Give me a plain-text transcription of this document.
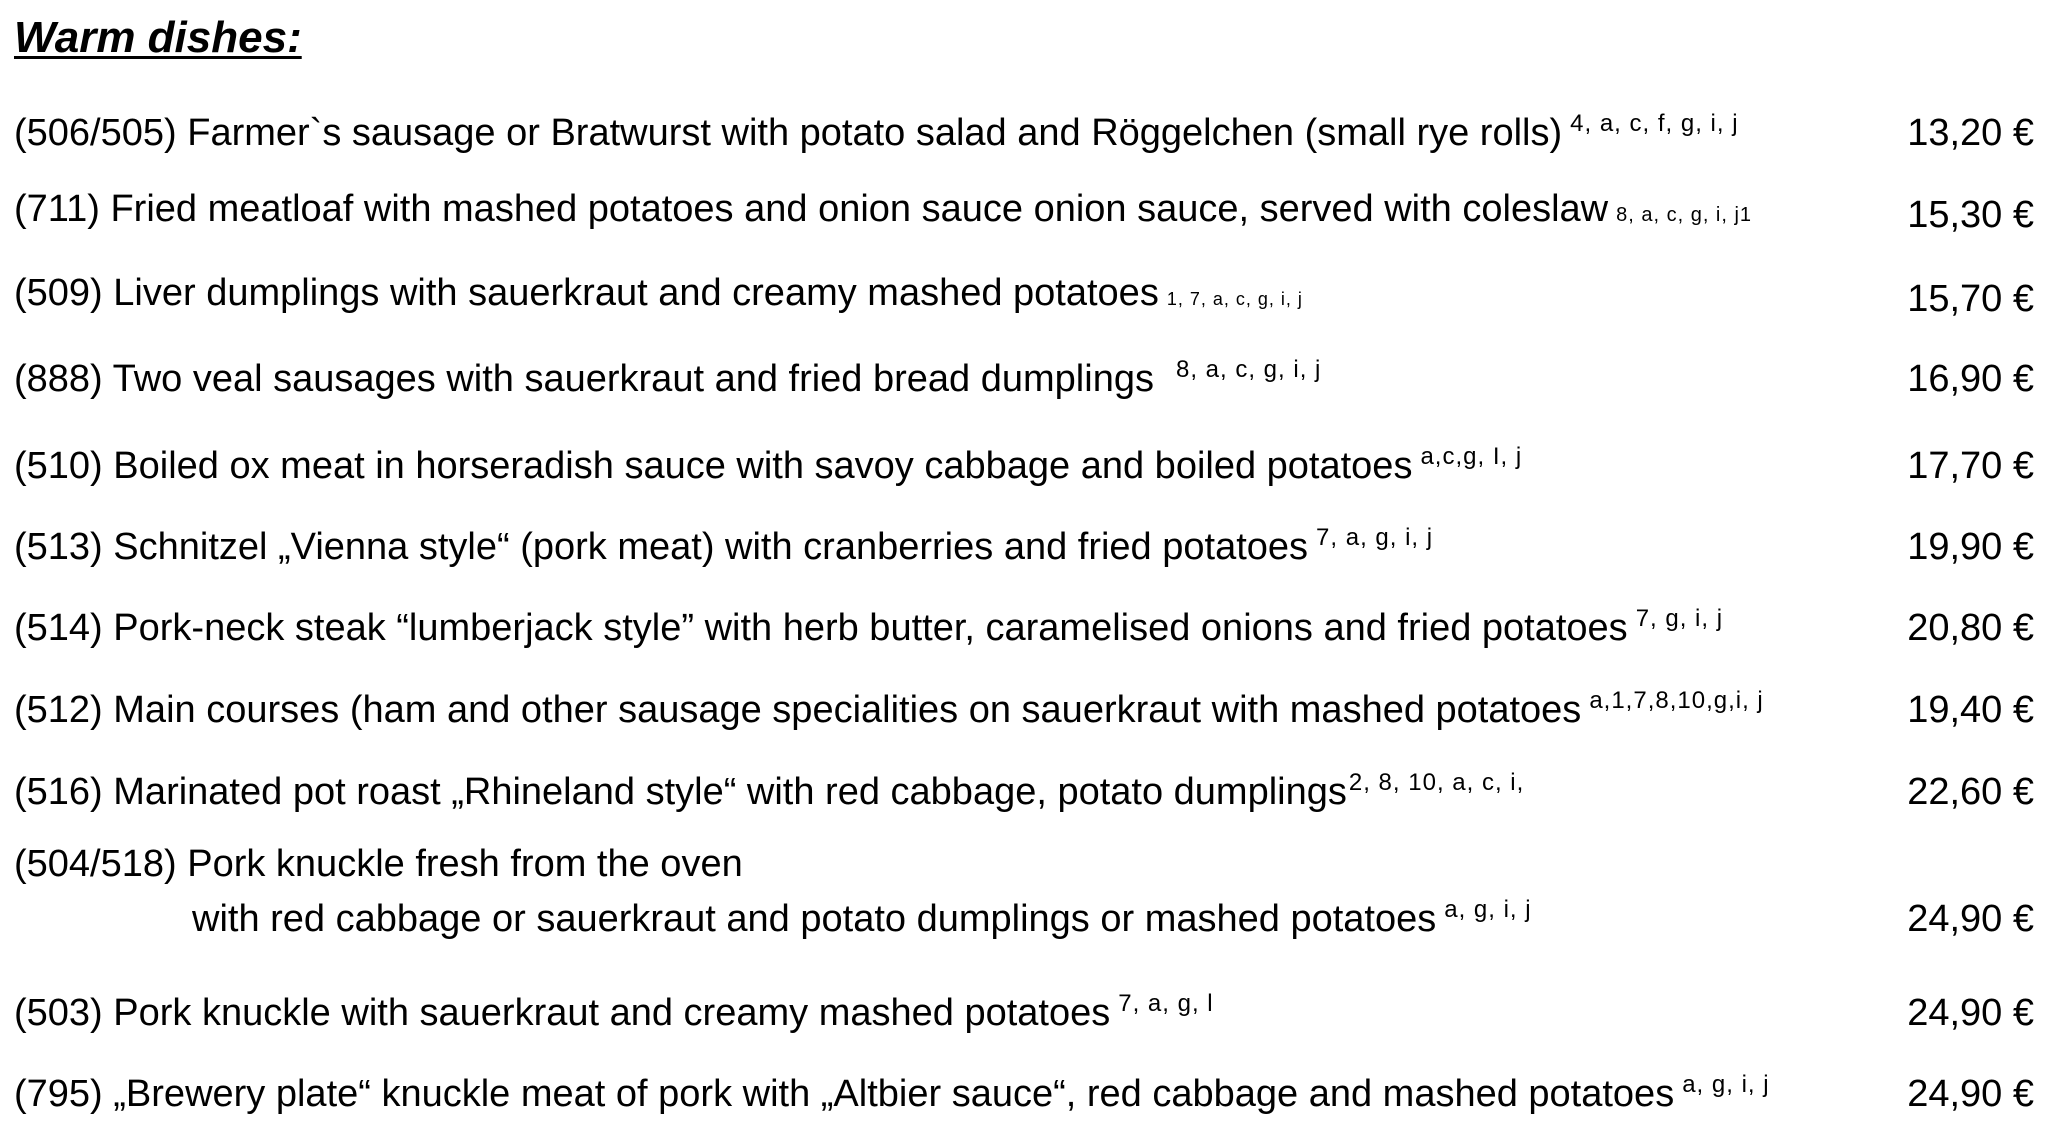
Warm dishes:
(506/505) Farmer`s sausage or Bratwurst with potato salad and Röggelchen (small rye rolls) $^{4, a, c, f, g, i, j}$	13,20 €
(711) Fried meatloaf with mashed potatoes and onion sauce onion sauce, served with coleslaw 8, a, c, g, i, j1	15,30 €
(509) Liver dumplings with sauerkraut and creamy mashed potatoes 1, 7, a, c, g, i, j	15,70 €
(888) Two veal sausages with sauerkraut and fried bread dumplings $^{8, a, c, g, i, j}$	16,90 €
(510) Boiled ox meat in horseradish sauce with savoy cabbage and boiled potatoes $^{a,c,g, I, j}$	17,70 €
(513) Schnitzel „Vienna style“ (pork meat) with cranberries and fried potatoes $^{7, a, g, i, j}$	19,90 €
(514) Pork-neck steak “lumberjack style” with herb butter, caramelised onions and fried potatoes $^{7, g, i, j}$	20,80 €
(512) Main courses (ham and other sausage specialities on sauerkraut with mashed potatoes $^{a,1,7,8,10,g,i, j}$	19,40 €
(516) Marinated pot roast „Rhineland style“ with red cabbage, potato dumplings$^{2, 8, 10, a, c, i,}$	22,60 €
(504/518) Pork knuckle fresh from the oven
with red cabbage or sauerkraut and potato dumplings or mashed potatoes $^{a, g, i, j}$	24,90 €
(503) Pork knuckle with sauerkraut and creamy mashed potatoes $^{7, a, g, l}$	24,90 €
(795) „Brewery plate“ knuckle meat of pork with „Altbier sauce“, red cabbage and mashed potatoes $^{a, g, i, j}$	24,90 €
